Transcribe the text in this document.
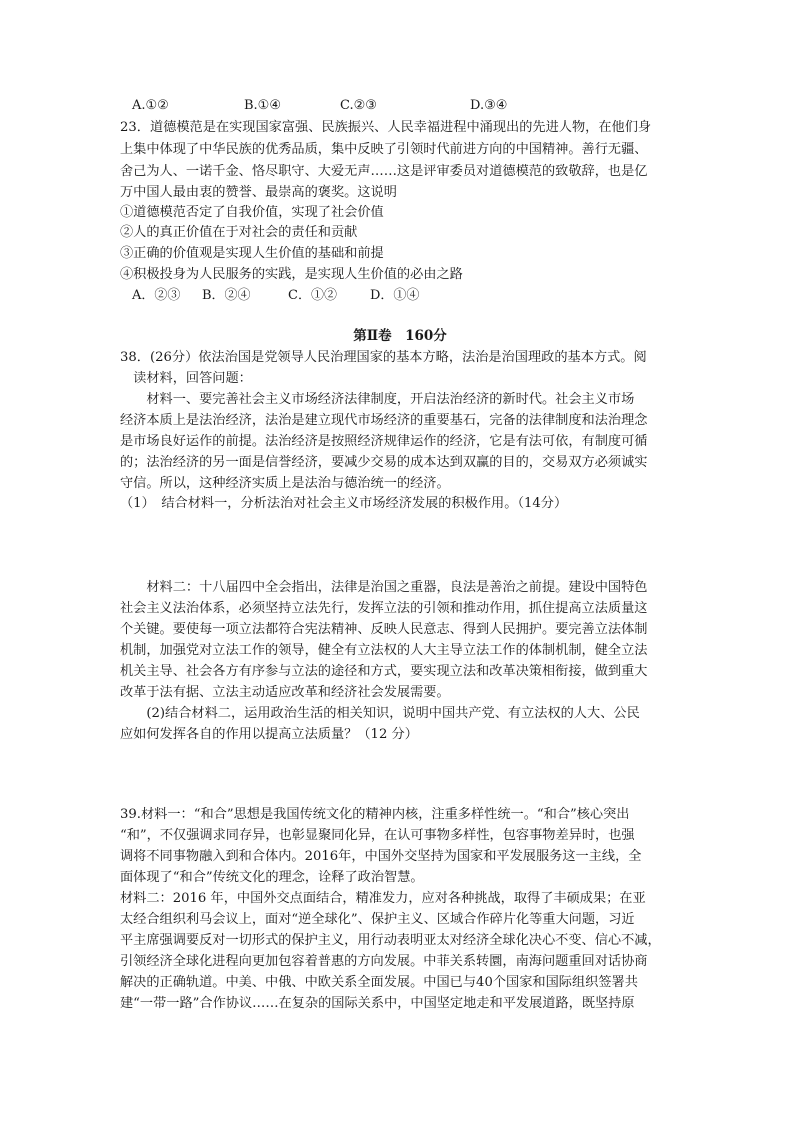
A.①②	B.①④	C.②③	D.③④
23．道德模范是在实现国家富强、民族振兴、人民幸福进程中涌现出的先进人物，在他们身
上集中体现了中华民族的优秀品质，集中反映了引领时代前进方向的中国精神。善行无疆、
舍己为人、一诺千金、恪尽职守、大爱无声……这是评审委员对道德模范的致敬辞，也是亿
万中国人最由衷的赞誉、最崇高的褒奖。这说明
①道德模范否定了自我价值，实现了社会价值
②人的真正价值在于对社会的责任和贡献
③正确的价值观是实现人生价值的基础和前提
④积极投身为人民服务的实践，是实现人生价值的必由之路
A．②③ B．②④	C．①②	D．①④
第Ⅱ卷　160分
38．(26分）依法治国是党领导人民治理国家的基本方略，法治是治国理政的基本方式。阅
　读材料，回答问题：
　　材料一、要完善社会主义市场经济法律制度，开启法治经济的新时代。社会主义市场
经济本质上是法治经济，法治是建立现代市场经济的重要基石，完备的法律制度和法治理念
是市场良好运作的前提。法治经济是按照经济规律运作的经济，它是有法可依，有制度可循
的；法治经济的另一面是信誉经济，要减少交易的成本达到双赢的目的，交易双方必须诚实
守信。所以，这种经济实质上是法治与德治统一的经济。
（1）　结合材料一，分析法治对社会主义市场经济发展的积极作用。（14分）
　　材料二：十八届四中全会指出，法律是治国之重器，良法是善治之前提。建设中国特色
社会主义法治体系，必须坚持立法先行，发挥立法的引领和推动作用，抓住提高立法质量这
个关键。要使每一项立法都符合宪法精神、反映人民意志、得到人民拥护。要完善立法体制
机制，加强党对立法工作的领导，健全有立法权的人大主导立法工作的体制机制，健全立法
机关主导、社会各方有序参与立法的途径和方式，要实现立法和改革决策相衔接，做到重大
改革于法有据、立法主动适应改革和经济社会发展需要。
　　(2)结合材料二，运用政治生活的相关知识，说明中国共产党、有立法权的人大、公民
应如何发挥各自的作用以提高立法质量？（12 分）
39.材料一：“和合”思想是我国传统文化的精神内核，注重多样性统一。“和合”核心突出
“和”，不仅强调求同存异，也彰显聚同化异，在认可事物多样性，包容事物差异时，也强
调将不同事物融入到和合体内。2016年，中国外交坚持为国家和平发展服务这一主线，全
面体现了“和合”传统文化的理念，诠释了政治智慧。
材料二：2016 年，中国外交点面结合，精准发力，应对各种挑战，取得了丰硕成果；在亚
太经合组织利马会议上，面对“逆全球化”、保护主义、区域合作碎片化等重大问题，习近
平主席强调要反对一切形式的保护主义，用行动表明亚太对经济全球化决心不变、信心不减，
引领经济全球化进程向更加包容着普惠的方向发展。中菲关系转圜，南海问题重回对话协商
解决的正确轨道。中美、中俄、中欧关系全面发展。中国已与40个国家和国际组织签署共
建“一带一路”合作协议……在复杂的国际关系中，中国坚定地走和平发展道路，既坚持原
